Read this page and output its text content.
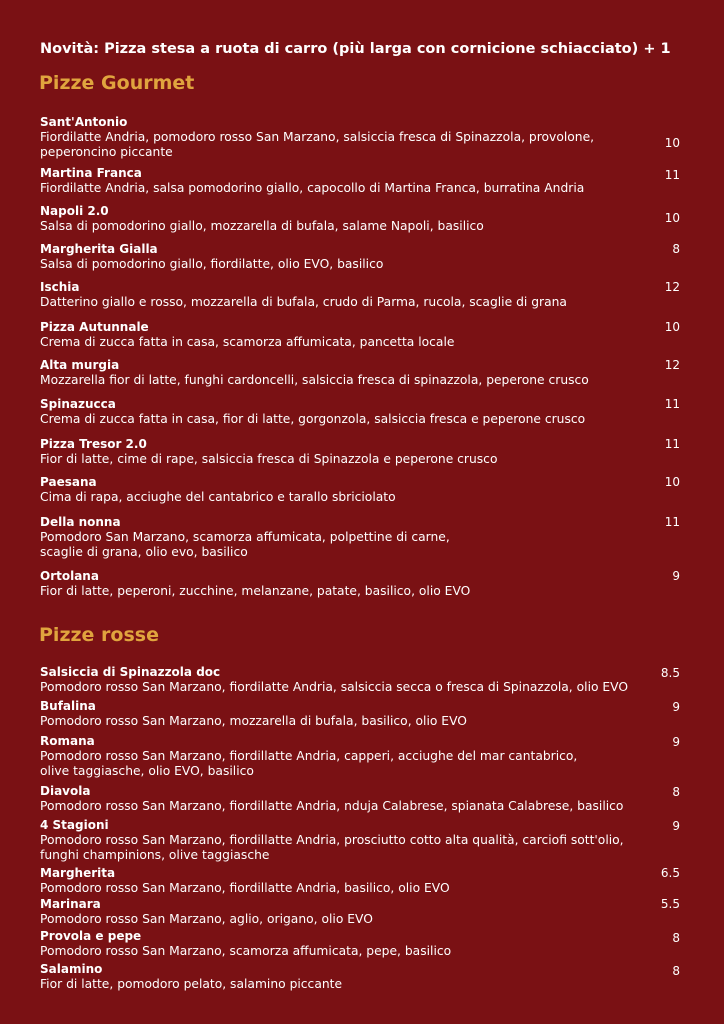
Novità: Pizza stesa a ruota di carro (più larga con cornicione schiacciato) + 1
Pizze Gourmet
Sant'Antonio
Fiordilatte Andria, pomodoro rosso San Marzano, salsiccia fresca di Spinazzola, provolone, peperoncino piccante
10
Martina Franca
Fiordilatte Andria, salsa pomodorino giallo, capocollo di Martina Franca, burratina Andria
11
Napoli 2.0
Salsa di pomodorino giallo, mozzarella di bufala, salame Napoli, basilico
10
Margherita Gialla
Salsa di pomodorino giallo, fiordilatte, olio EVO, basilico
8
Ischia
Datterino giallo e rosso, mozzarella di bufala, crudo di Parma, rucola, scaglie di grana
12
Pizza Autunnale
Crema di zucca fatta in casa, scamorza affumicata, pancetta locale
10
Alta murgia
Mozzarella fior di latte, funghi cardoncelli, salsiccia fresca di spinazzola, peperone crusco
12
Spinazucca
Crema di zucca fatta in casa, fior di latte, gorgonzola, salsiccia fresca e peperone crusco
11
Pizza Tresor 2.0
Fior di latte, cime di rape, salsiccia fresca di Spinazzola e peperone crusco
11
Paesana
Cima di rapa, acciughe del cantabrico e tarallo sbriciolato
10
Della nonna
Pomodoro San Marzano, scamorza affumicata, polpettine di carne,
scaglie di grana, olio evo, basilico
11
Ortolana
Fior di latte, peperoni, zucchine, melanzane, patate, basilico, olio EVO
9
Pizze rosse
Salsiccia di Spinazzola doc
Pomodoro rosso San Marzano, fiordilatte Andria, salsiccia secca o fresca di Spinazzola, olio EVO
8.5
Bufalina
Pomodoro rosso San Marzano, mozzarella di bufala, basilico, olio EVO
9
Romana
Pomodoro rosso San Marzano, fiordillatte Andria, capperi, acciughe del mar cantabrico,
olive taggiasche, olio EVO, basilico
9
Diavola
Pomodoro rosso San Marzano, fiordillatte Andria, nduja Calabrese, spianata Calabrese, basilico
8
4 Stagioni
Pomodoro rosso San Marzano, fiordillatte Andria, prosciutto cotto alta qualità, carciofi sott'olio,
funghi champinions, olive taggiasche
9
Margherita
Pomodoro rosso San Marzano, fiordillatte Andria, basilico, olio EVO
6.5
Marinara
Pomodoro rosso San Marzano, aglio, origano, olio EVO
5.5
Provola e pepe
Pomodoro rosso San Marzano, scamorza affumicata, pepe, basilico
8
Salamino
Fior di latte, pomodoro pelato, salamino piccante
8
